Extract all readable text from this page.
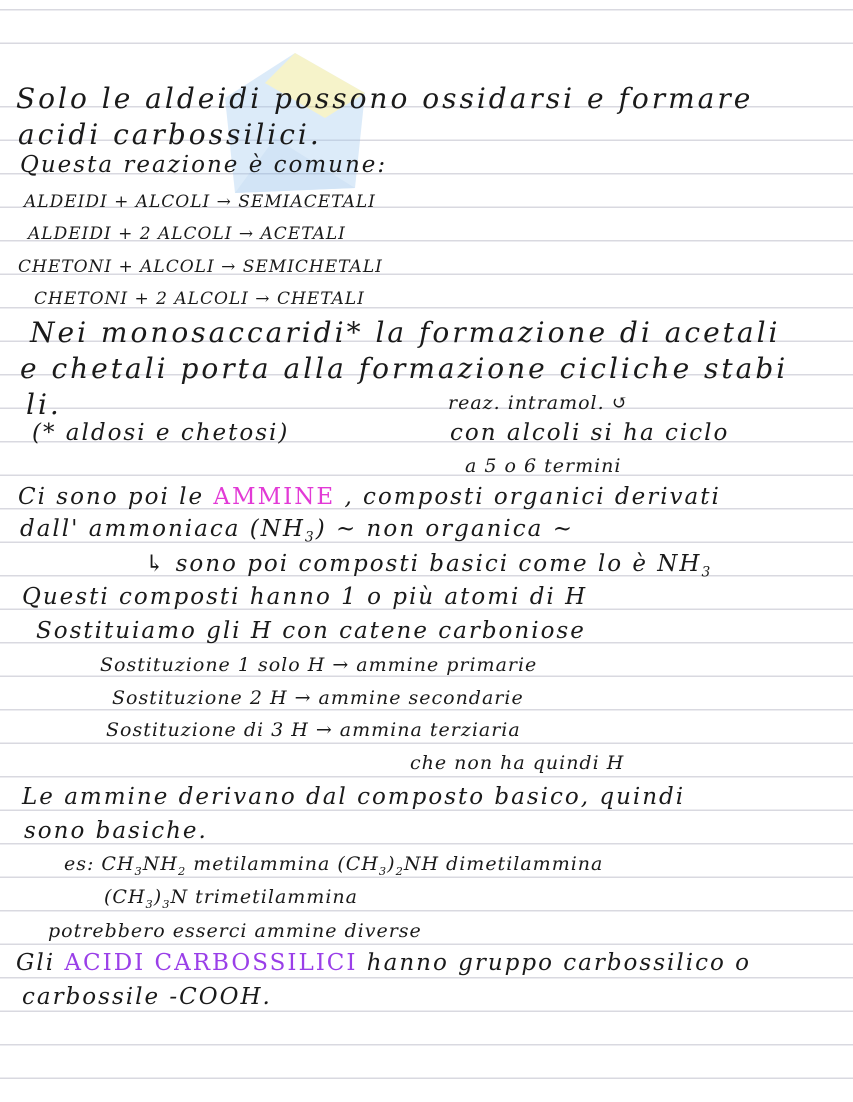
Solo le aldeidi possono ossidarsi e formare
acidi carbossilici.
Questa reazione è comune:
ALDEIDI + ALCOLI → SEMIACETALI
ALDEIDI + 2 ALCOLI → ACETALI
CHETONI + ALCOLI → SEMICHETALI
CHETONI + 2 ALCOLI → CHETALI
Nei monosaccaridi* la formazione di acetali
e chetali porta alla formazione cicliche stabi
li.	reaz. intramol. ↺
(* aldosi e chetosi)	con alcoli si ha ciclo
a 5 o 6 termini
Ci sono poi le AMMINE , composti organici derivati
dall' ammoniaca $(NH_3)$ ~ non organica ~
↳ sono poi composti basici come lo è $NH_3$
Questi composti hanno 1 o più atomi di H
Sostituiamo gli H con catene carboniose
Sostituzione 1 solo H → ammine primarie
Sostituzione 2 H → ammine secondarie
Sostituzione di 3 H → ammina terziaria
che non ha quindi H
Le ammine derivano dal composto basico, quindi
sono basiche.
es: $CH_3NH_2$ metilammina $(CH_3)_2NH$ dimetilammina
$(CH_3)_3N$ trimetilammina
potrebbero esserci ammine diverse
Gli ACIDI CARBOSSILICI hanno gruppo carbossilico o
carbossile -COOH.
